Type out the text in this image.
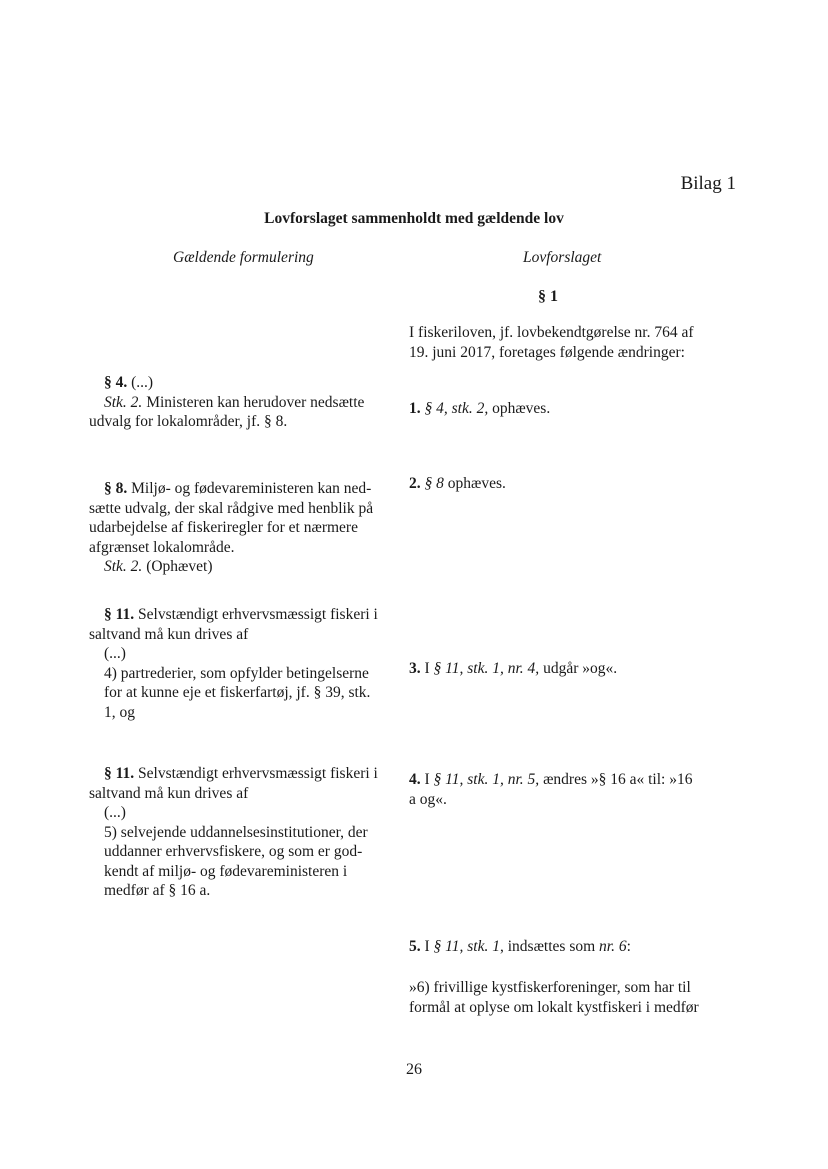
Bilag 1
Lovforslaget sammenholdt med gældende lov
Gældende formulering	Lovforslaget
§ 1

I fiskeriloven, jf. lovbekendtgørelse nr. 764 af

19. juni 2017, foretages følgende ændringer:

§ 4. (...)

Stk. 2. Ministeren kan herudover nedsætte

udvalg for lokalområder, jf. § 8.

1. § 4, stk. 2, ophæves.

§ 8. Miljø- og fødevareministeren kan ned-

sætte udvalg, der skal rådgive med henblik på

udarbejdelse af fiskeriregler for et nærmere

afgrænset lokalområde.

Stk. 2. (Ophævet)

2. § 8 ophæves.

§ 11. Selvstændigt erhvervsmæssigt fiskeri i

saltvand må kun drives af

(...)

4) partrederier, som opfylder betingelserne

for at kunne eje et fiskerfartøj, jf. § 39, stk.

1, og

3. I § 11, stk. 1, nr. 4, udgår »og«.

§ 11. Selvstændigt erhvervsmæssigt fiskeri i

saltvand må kun drives af

(...)

5) selvejende uddannelsesinstitutioner, der

uddanner erhvervsfiskere, og som er god-

kendt af miljø- og fødevareministeren i

medfør af § 16 a.

4. I § 11, stk. 1, nr. 5, ændres »§ 16 a« til: »16

a og«.

5. I § 11, stk. 1, indsættes som nr. 6:

»6) frivillige kystfiskerforeninger, som har til

formål at oplyse om lokalt kystfiskeri i medfør

26
